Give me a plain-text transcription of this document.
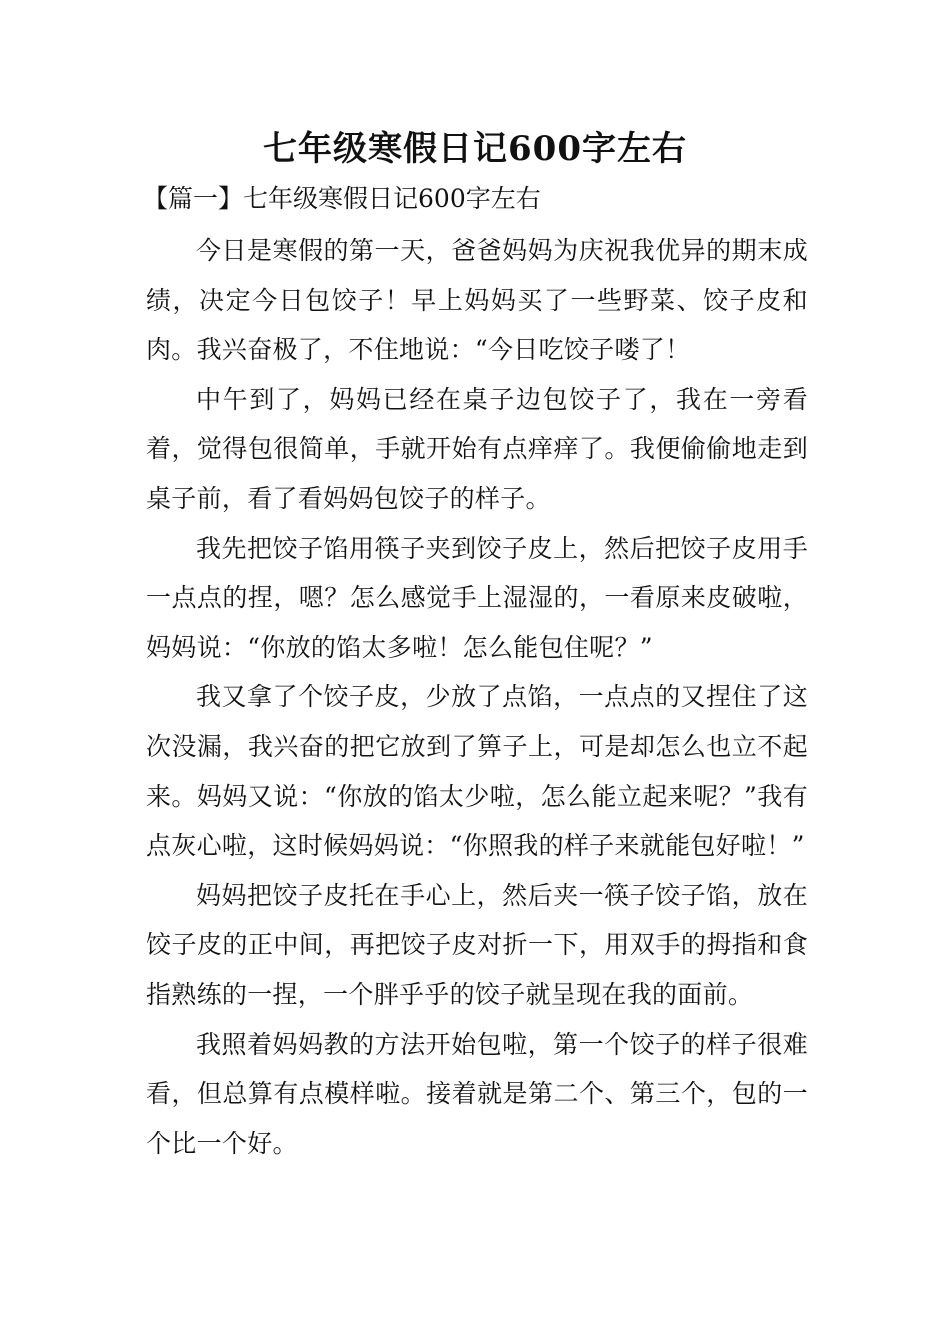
七年级寒假日记600字左右

【篇一】七年级寒假日记600字左右

今日是寒假的第一天，爸爸妈妈为庆祝我优异的期末成绩，决定今日包饺子！早上妈妈买了一些野菜、饺子皮和肉。我兴奋极了，不住地说：“今日吃饺子喽了！

中午到了，妈妈已经在桌子边包饺子了，我在一旁看着，觉得包很简单，手就开始有点痒痒了。我便偷偷地走到桌子前，看了看妈妈包饺子的样子。

我先把饺子馅用筷子夹到饺子皮上，然后把饺子皮用手一点点的捏，嗯？怎么感觉手上湿湿的，一看原来皮破啦，妈妈说：“你放的馅太多啦！怎么能包住呢？”

我又拿了个饺子皮，少放了点馅，一点点的又捏住了这次没漏，我兴奋的把它放到了箅子上，可是却怎么也立不起来。妈妈又说：“你放的馅太少啦，怎么能立起来呢？”我有点灰心啦，这时候妈妈说：“你照我的样子来就能包好啦！”

妈妈把饺子皮托在手心上，然后夹一筷子饺子馅，放在饺子皮的正中间，再把饺子皮对折一下，用双手的拇指和食指熟练的一捏，一个胖乎乎的饺子就呈现在我的面前。

我照着妈妈教的方法开始包啦，第一个饺子的样子很难看，但总算有点模样啦。接着就是第二个、第三个，包的一个比一个好。
